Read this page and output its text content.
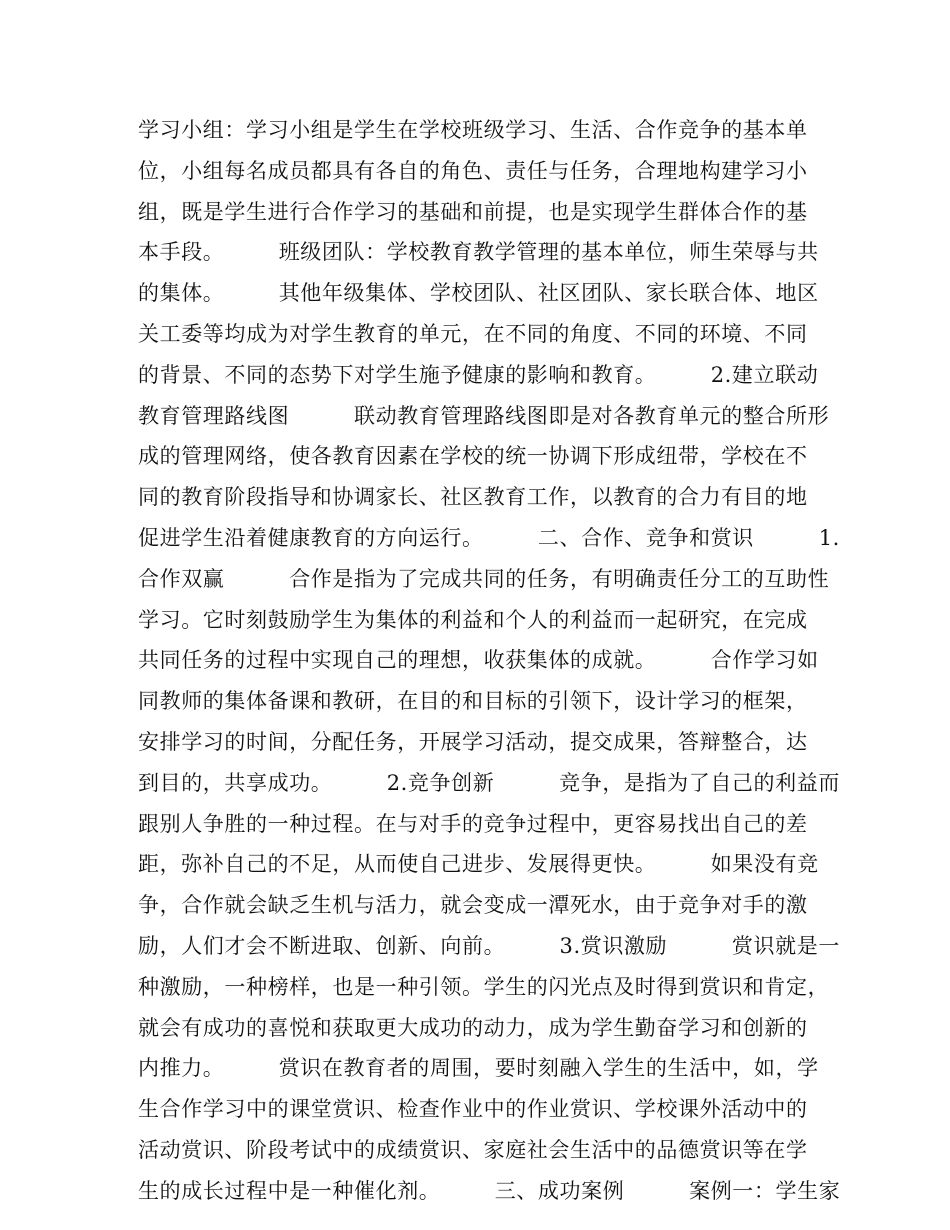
学习小组：学习小组是学生在学校班级学习、生活、合作竞争的基本单
位，小组每名成员都具有各自的角色、责任与任务，合理地构建学习小
组，既是学生进行合作学习的基础和前提，也是实现学生群体合作的基
本手段。　　　班级团队：学校教育教学管理的基本单位，师生荣辱与共
的集体。　　　其他年级集体、学校团队、社区团队、家长联合体、地区
关工委等均成为对学生教育的单元，在不同的角度、不同的环境、不同
的背景、不同的态势下对学生施予健康的影响和教育。　　　2.建立联动
教育管理路线图　　　联动教育管理路线图即是对各教育单元的整合所形
成的管理网络，使各教育因素在学校的统一协调下形成纽带，学校在不
同的教育阶段指导和协调家长、社区教育工作，以教育的合力有目的地
促进学生沿着健康教育的方向运行。　　　二、合作、竞争和赏识　　　1.
合作双赢　　　合作是指为了完成共同的任务，有明确责任分工的互助性
学习。它时刻鼓励学生为集体的利益和个人的利益而一起研究，在完成
共同任务的过程中实现自己的理想，收获集体的成就。　　　合作学习如
同教师的集体备课和教研，在目的和目标的引领下，设计学习的框架，
安排学习的时间，分配任务，开展学习活动，提交成果，答辩整合，达
到目的，共享成功。　　　2.竞争创新　　　竞争，是指为了自己的利益而
跟别人争胜的一种过程。在与对手的竞争过程中，更容易找出自己的差
距，弥补自己的不足，从而使自己进步、发展得更快。　　　如果没有竞
争，合作就会缺乏生机与活力，就会变成一潭死水，由于竞争对手的激
励，人们才会不断进取、创新、向前。　　　3.赏识激励　　　赏识就是一
种激励，一种榜样，也是一种引领。学生的闪光点及时得到赏识和肯定，
就会有成功的喜悦和获取更大成功的动力，成为学生勤奋学习和创新的
内推力。　　　赏识在教育者的周围，要时刻融入学生的生活中，如，学
生合作学习中的课堂赏识、检查作业中的作业赏识、学校课外活动中的
活动赏识、阶段考试中的成绩赏识、家庭社会生活中的品德赏识等在学
生的成长过程中是一种催化剂。　　　三、成功案例　　　案例一：学生家
